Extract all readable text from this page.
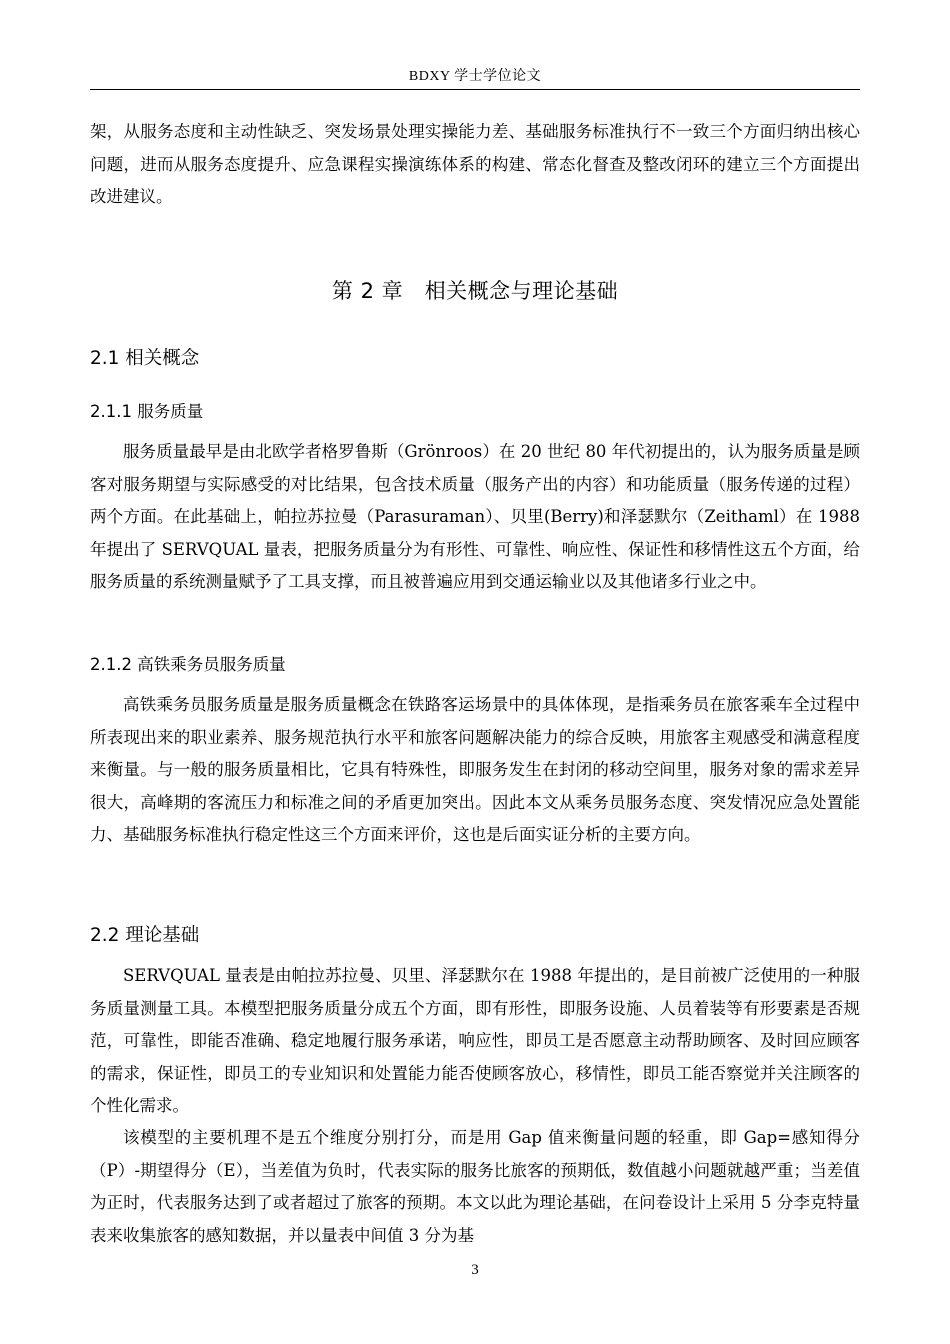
BDXY 学士学位论文

架，从服务态度和主动性缺乏、突发场景处理实操能力差、基础服务标准执行不一致三个方面归纳出核心问题，进而从服务态度提升、应急课程实操演练体系的构建、常态化督查及整改闭环的建立三个方面提出改进建议。

第 2 章　相关概念与理论基础
2.1 相关概念
2.1.1 服务质量

服务质量最早是由北欧学者格罗鲁斯（Grönroos）在 20 世纪 80 年代初提出的，认为服务质量是顾客对服务期望与实际感受的对比结果，包含技术质量（服务产出的内容）和功能质量（服务传递的过程）两个方面。在此基础上，帕拉苏拉曼（Parasuraman）、贝里(Berry)和泽瑟默尔（Zeithaml）在 1988 年提出了 SERVQUAL 量表，把服务质量分为有形性、可靠性、响应性、保证性和移情性这五个方面，给服务质量的系统测量赋予了工具支撑，而且被普遍应用到交通运输业以及其他诸多行业之中。

2.1.2 高铁乘务员服务质量

高铁乘务员服务质量是服务质量概念在铁路客运场景中的具体体现，是指乘务员在旅客乘车全过程中所表现出来的职业素养、服务规范执行水平和旅客问题解决能力的综合反映，用旅客主观感受和满意程度来衡量。与一般的服务质量相比，它具有特殊性，即服务发生在封闭的移动空间里，服务对象的需求差异很大，高峰期的客流压力和标准之间的矛盾更加突出。因此本文从乘务员服务态度、突发情况应急处置能力、基础服务标准执行稳定性这三个方面来评价，这也是后面实证分析的主要方向。

2.2 理论基础

SERVQUAL 量表是由帕拉苏拉曼、贝里、泽瑟默尔在 1988 年提出的，是目前被广泛使用的一种服务质量测量工具。本模型把服务质量分成五个方面，即有形性，即服务设施、人员着装等有形要素是否规范，可靠性，即能否准确、稳定地履行服务承诺，响应性，即员工是否愿意主动帮助顾客、及时回应顾客的需求，保证性，即员工的专业知识和处置能力能否使顾客放心，移情性，即员工能否察觉并关注顾客的个性化需求。

该模型的主要机理不是五个维度分别打分，而是用 Gap 值来衡量问题的轻重，即 Gap=感知得分（P）-期望得分（E），当差值为负时，代表实际的服务比旅客的预期低，数值越小问题就越严重；当差值为正时，代表服务达到了或者超过了旅客的预期。本文以此为理论基础，在问卷设计上采用 5 分李克特量表来收集旅客的感知数据，并以量表中间值 3 分为基

3
